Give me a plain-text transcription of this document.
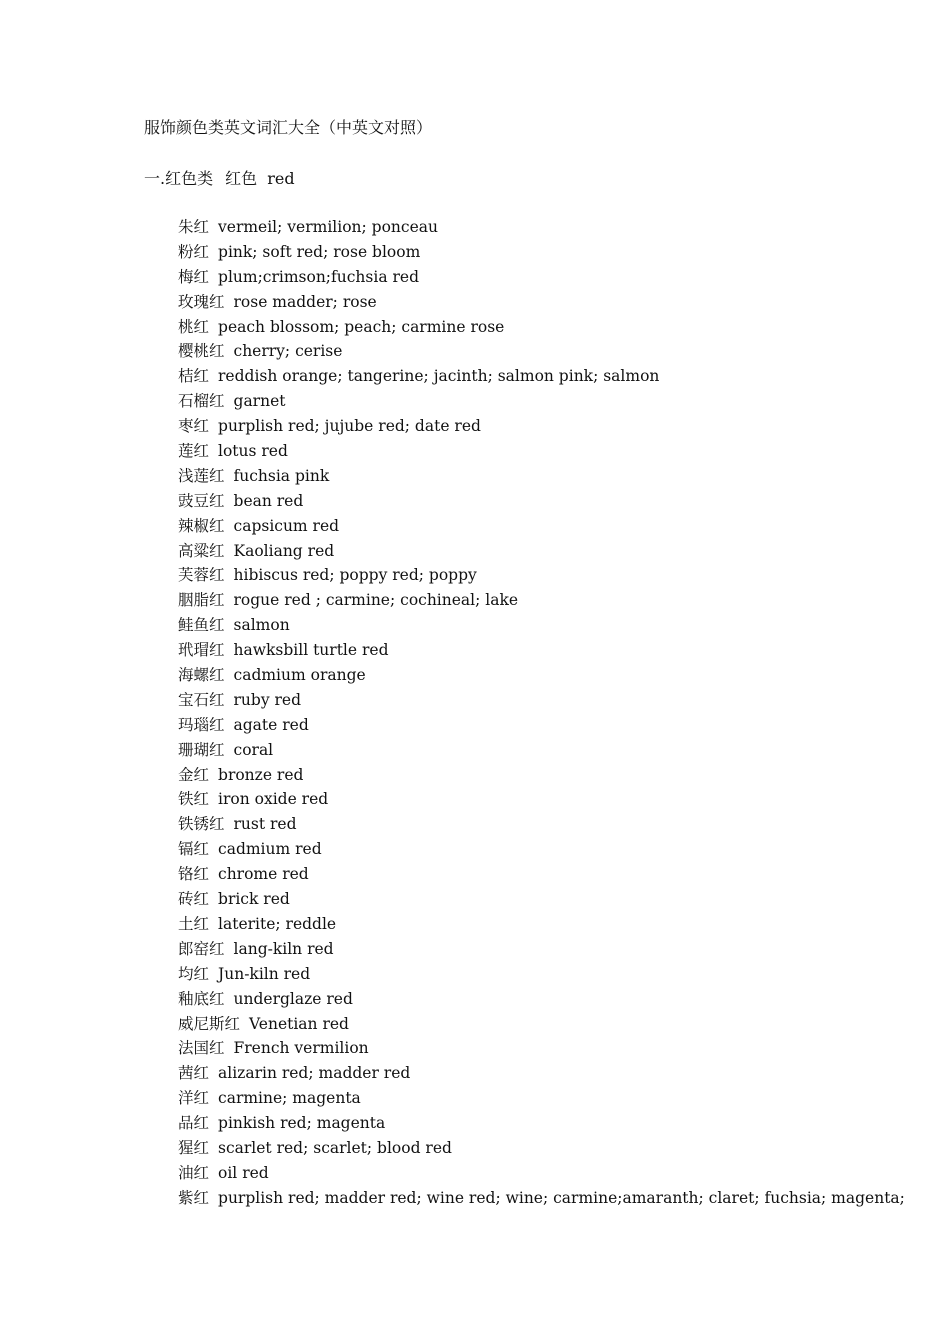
服饰颜色类英文词汇大全（中英文对照）
一.红色类 红色 red
朱红 vermeil; vermilion; ponceau
粉红 pink; soft red; rose bloom
梅红 plum;crimson;fuchsia red
玫瑰红 rose madder; rose
桃红 peach blossom; peach; carmine rose
樱桃红 cherry; cerise
桔红 reddish orange; tangerine; jacinth; salmon pink; salmon
石榴红 garnet
枣红 purplish red; jujube red; date red
莲红 lotus red
浅莲红 fuchsia pink
豉豆红 bean red
辣椒红 capsicum red
高粱红 Kaoliang red
芙蓉红 hibiscus red; poppy red; poppy
胭脂红 rogue red ; carmine; cochineal; lake
鲑鱼红 salmon
玳瑁红 hawksbill turtle red
海螺红 cadmium orange
宝石红 ruby red
玛瑙红 agate red
珊瑚红 coral
金红 bronze red
铁红 iron oxide red
铁锈红 rust red
镉红 cadmium red
铬红 chrome red
砖红 brick red
土红 laterite; reddle
郎窑红 lang-kiln red
均红 Jun-kiln red
釉底红 underglaze red
威尼斯红 Venetian red
法国红 French vermilion
茜红 alizarin red; madder red
洋红 carmine; magenta
品红 pinkish red; magenta
猩红 scarlet red; scarlet; blood red
油红 oil red
紫红 purplish red; madder red; wine red; wine; carmine;amaranth; claret; fuchsia; magenta;
